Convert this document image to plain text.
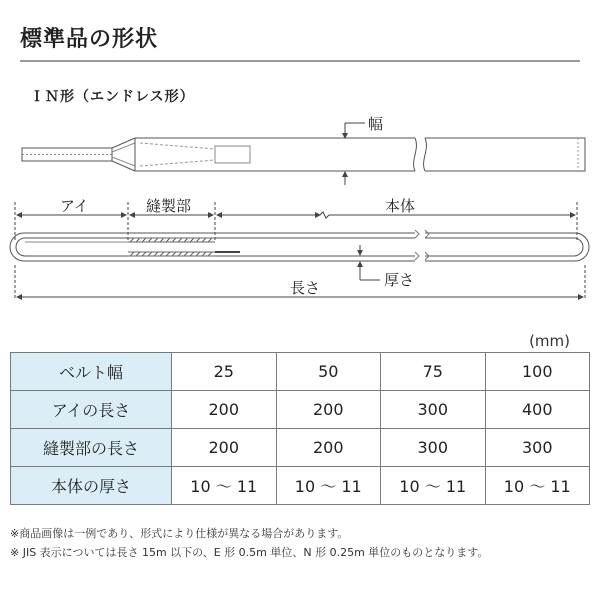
標準品の形状
ＩＮ形（エンドレス形）
幅
アイ	縫製部	本体
厚さ
長さ
(mm)
ベルト幅	25	50	75	100
アイの長さ	200	200	300	400
縫製部の長さ	200	200	300	300
本体の厚さ	10 ～ 11	10 ～ 11	10 ～ 11	10 ～ 11
※商品画像は一例であり、形式により仕様が異なる場合があります。
※ JIS 表示については長さ 15m 以下の、E 形 0.5m 単位、N 形 0.25m 単位のものとなります。
